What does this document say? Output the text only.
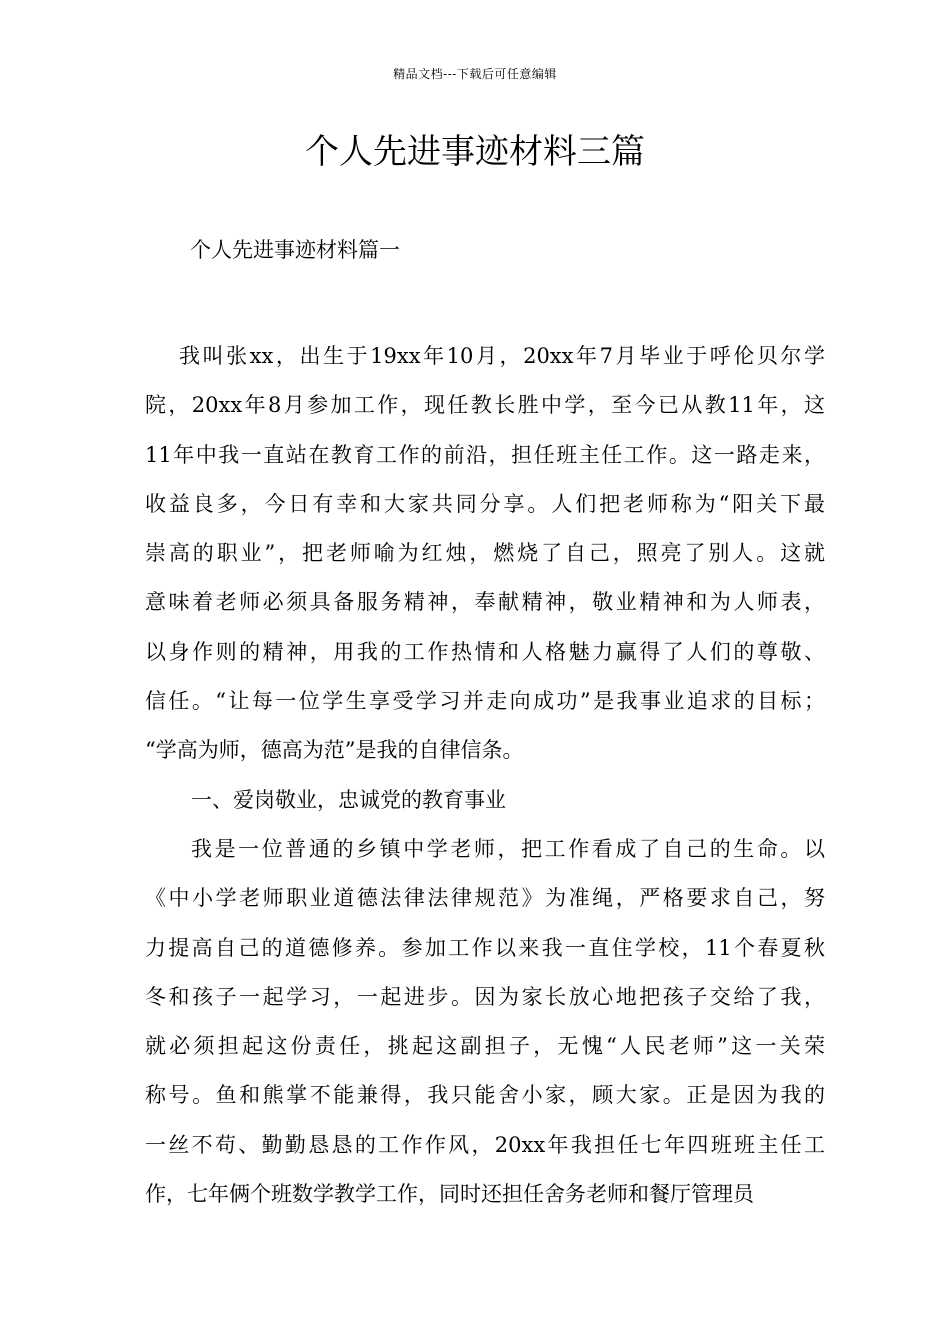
精品文档---下载后可任意编辑
个人先进事迹材料三篇
个人先进事迹材料篇一
我叫张xx，出生于19xx年10月，20xx年7月毕业于呼伦贝尔学
院，20xx年8月参加工作，现任教长胜中学，至今已从教11年，这
11年中我一直站在教育工作的前沿，担任班主任工作。这一路走来，
收益良多，今日有幸和大家共同分享。人们把老师称为“阳关下最
崇高的职业”，把老师喻为红烛，燃烧了自己，照亮了别人。这就
意味着老师必须具备服务精神，奉献精神，敬业精神和为人师表，
以身作则的精神，用我的工作热情和人格魅力赢得了人们的尊敬、
信任。“让每一位学生享受学习并走向成功”是我事业追求的目标；
“学高为师，德高为范”是我的自律信条。
一、爱岗敬业，忠诚党的教育事业
我是一位普通的乡镇中学老师，把工作看成了自己的生命。以
《中小学老师职业道德法律法律规范》为准绳，严格要求自己，努
力提高自己的道德修养。参加工作以来我一直住学校，11个春夏秋
冬和孩子一起学习，一起进步。因为家长放心地把孩子交给了我，
就必须担起这份责任，挑起这副担子，无愧“人民老师”这一关荣
称号。鱼和熊掌不能兼得，我只能舍小家，顾大家。正是因为我的
一丝不苟、勤勤恳恳的工作作风，20xx年我担任七年四班班主任工
作，七年俩个班数学教学工作，同时还担任舍务老师和餐厅管理员
